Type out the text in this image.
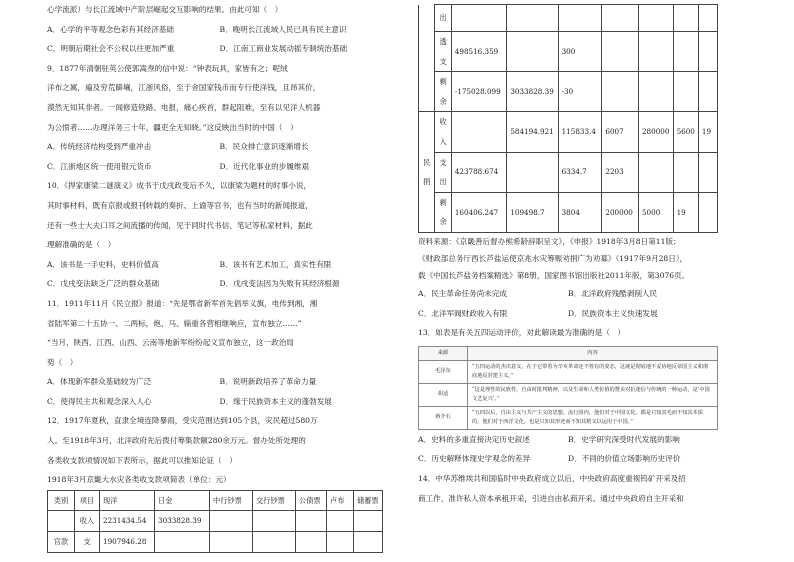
心学流派）与长江流域中产阶层崛起交互影响的结果。由此可知（　）
A．心学的平等观念色彩有其经济基础	B．晚明长江流域人民已具有民主意识
C．明朝后期社会不公权以往更加严重	D．江南工商业发展动摇专制统治基础
9．1877年清朝驻英公使郭嵩焘的信中说：“钟表玩具，家皆有之；呢绒
洋布之属，遍及穷荒僻壤，江浙风俗，至于舍国家钱币而专行使洋钱，且昂其价，
漠然无知其非者。一闻修造铁路、电报，痛心疾首，群起阻难，至有以见洋人机器
为公愤者……办理洋务三十年，疆吏全无知晓。”这反映出当时的中国（　）
A．传统经济结构受到严重冲击	B．民众排亡意识逐渐增长
C．江浙地区统一使用银元货币	D．近代化事业的步履维艰
10．《捍家康梁二谜演义》成书于戊戌政变后不久，以康梁为题材的时事小说，
其时事材料，既有京报或报刊转载的奏折、上谕等官书，也有当时的新闻报道，
还有一些士大夫口耳之间流播的传闻，见于同时代书信、笔记等私家材料，据此
理解准确的是（　）
A．该书是一手史料，史料价值高	B．该书有艺术加工，真实性有限
C．戊戌变法缺乏广泛的群众基础	D．戊戌变法因为失败有其经济根源
11．1911年11月《民立报》报道：“先是鄂省新军首先倡举义旗，电传到湘，湘
省陆军第二十五协一、二两标，炮、马、辎重各营相继响应，宣布独立……”
“当月，陕西、江西、山西、云南等地新军纷纷起义宣布独立，这一政治局
势（　）
A．体现新军群众基础较为广泛	B．说明新政培养了革命力量
C．使得民主共和观念深入人心	D．缘于民族资本主义的蓬勃发展
12．1917年夏秋，直隶全境连降暴雨，受灾范围达到105个县，灾民超过580万
人。至1918年3月，北洋政府先后拨付筹集款额280余万元。督办处所处理的
各类收支款项情况如下表所示，据此可以推知论证（　）
1918年3月京畿大水灾各类收支款项简表（单位：元）
类别	项目	现洋	日金	中行钞票	交行钞票	公债票	卢布	储蓄票
	收入	2231434.54	3033828.39					
官款	支	1907946.28						
	出							
	透支	498516.359		300				
	剩余	-175028.099	3033828.39	-30				
	收入		584194.921	115833.4	6007	280000	5600	19
民捐	支出	423788.674		6334.7	2203			
	剩余	160406.247	109498.7	3804	200000	5000	19	
资料来源：《京畿善后督办熊希龄辞职呈文》，《申报》1918年3月8日第11版；
《财政部总务厅西长芦盐运使京兆水灾筹赈劝捐广为劝募》（1917年9月28日），
载《中国长芦盐务档案精选》第8册，国家图书馆出版社2011年版，第3076页。
A．民主革命任务尚未完成	B．北洋政府残酷剥削人民
C．北洋军阀财政收入有限	D．民族资本主义快速发展
13．如表是有关五四运动评价，对此解读最为准确的是（　）
来源	内容
毛泽东	“五四运动的杰出意义，在于它带着为辛亥革命还不曾有的姿态，这就是彻底地不妥协地反帝国主义和彻底地反封建主义。”
胡适	“这是理性的民族性，自由时批判精神，以及生命和人类价值的赞美对抗迷信与传统的一种运动，是‘中国文艺复兴’。”
蒋介石	“五四以后，自由主义与共产主义的思想，流行国内。他们对于中国文化，都是只知其毛而不知其本质的。他们对于西洋文化，也是只知其形迹而不知其精义以运用于中国。”
A．史料的多重直接决定历史叙述	B．史学研究深受时代发展的影响
C．历史解释体现史学观念的差异	D．不同的价值立场影响历史评价
14．中华苏维埃共和国临时中央政府成立以后，中央政府高度重视钨矿开采及招
商工作，准许私人资本承租开采，引进自由私商开采。通过中央政府自主开采和
